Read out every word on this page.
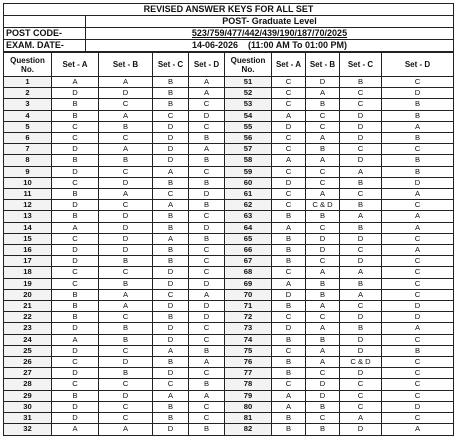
REVISED ANSWER KEYS FOR ALL SET	
	POST- Graduate Level
POST CODE-	523/759/477/442/439/190/187/70/2025
EXAM. DATE-	14-06-2026 (11:00 AM To 01:00 PM)
Question No.	Set - A	Set - B	Set - C	Set - D	Question No.	Set - A	Set - B	Set - C	Set - D
1	A	A	B	A	51	C	D	B	C
2	D	D	B	A	52	C	A	C	D
3	B	C	B	C	53	C	B	C	B
4	B	A	C	D	54	A	C	D	B
5	C	B	D	C	55	D	C	D	A
6	C	C	D	B	56	C	A	D	B
7	D	A	D	A	57	C	B	C	C
8	B	B	D	B	58	A	A	D	B
9	D	C	A	C	59	C	C	A	B
10	C	D	B	B	60	D	C	B	D
11	B	A	C	D	61	C	A	C	A
12	D	C	A	B	62	C	C & D	B	C
13	B	D	B	C	63	B	B	A	A
14	A	D	B	D	64	A	C	B	A
15	C	D	A	B	65	B	D	D	C
16	D	D	B	C	66	B	D	C	A
17	D	B	B	C	67	B	C	D	C
18	C	C	D	C	68	C	A	A	C
19	C	B	D	D	69	A	B	B	C
20	B	A	C	A	70	D	B	A	C
21	B	A	D	D	71	B	A	C	D
22	B	C	B	D	72	C	C	D	D
23	D	B	D	C	73	D	A	B	A
24	A	B	D	C	74	B	B	D	C
25	D	C	A	B	75	C	A	D	B
26	C	D	B	A	76	B	A	C & D	C
27	D	B	D	C	77	B	C	D	C
28	C	C	C	B	78	C	D	C	C
29	B	D	A	A	79	A	D	C	C
30	D	C	B	C	80	A	B	C	D
31	D	C	B	C	81	B	C	A	C
32	A	A	D	B	82	B	B	D	A
